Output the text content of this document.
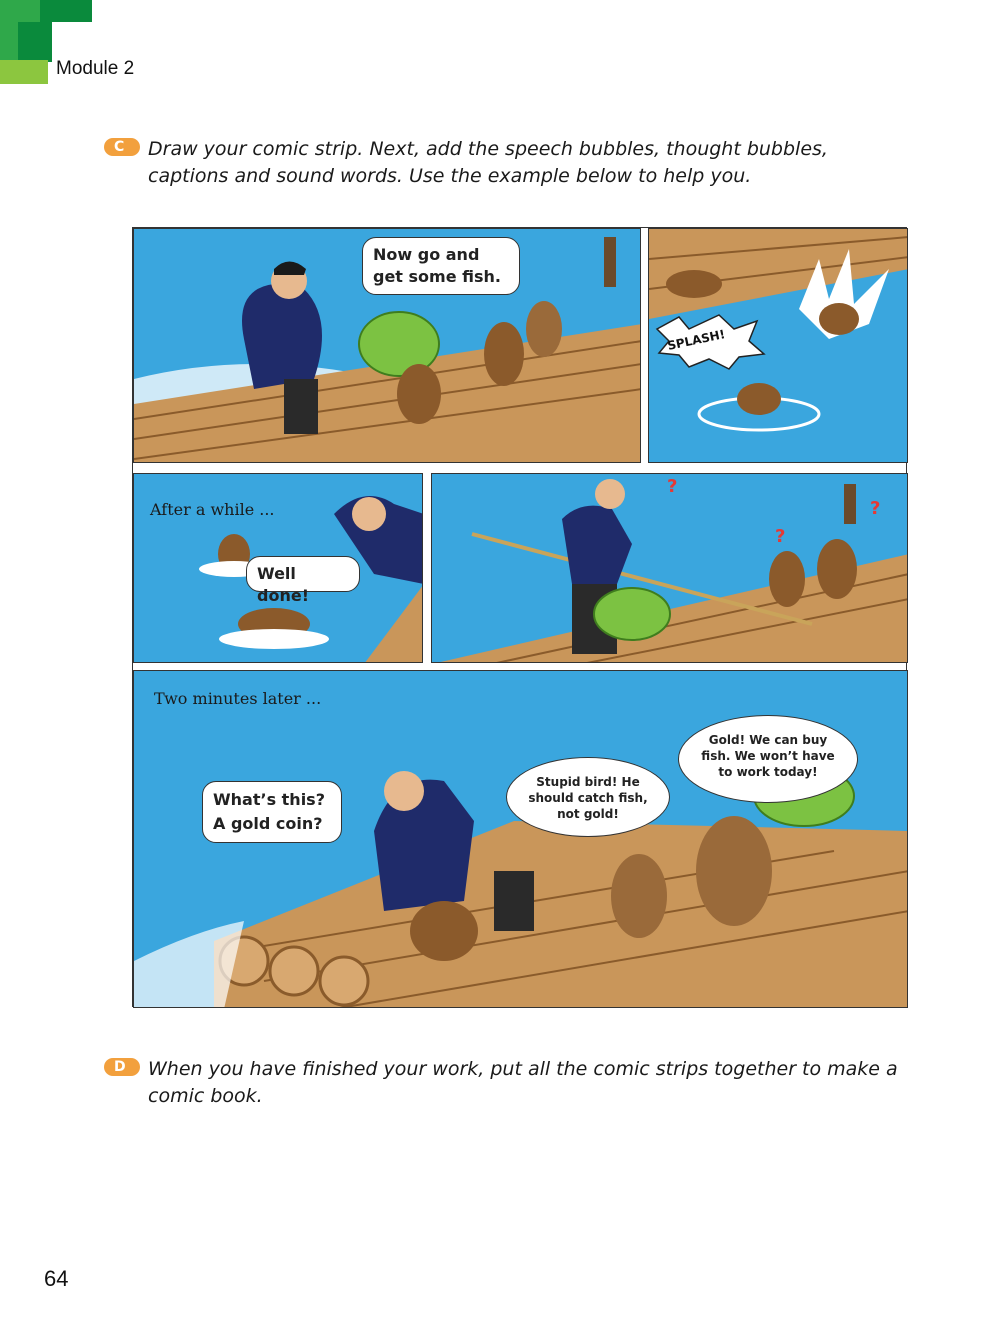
Module 2
C	Draw your comic strip. Next, add the speech bubbles, thought bubbles, captions and sound words. Use the example below to help you.
Now go and get some fish.
SPLASH!
After a while ...
Well done!
?
?
?
Two minutes later ...
What’s this? A gold coin?
Stupid bird! He should catch fish, not gold!
Gold! We can buy fish. We won’t have to work today!
D	When you have finished your work, put all the comic strips together to make a comic book.
64
